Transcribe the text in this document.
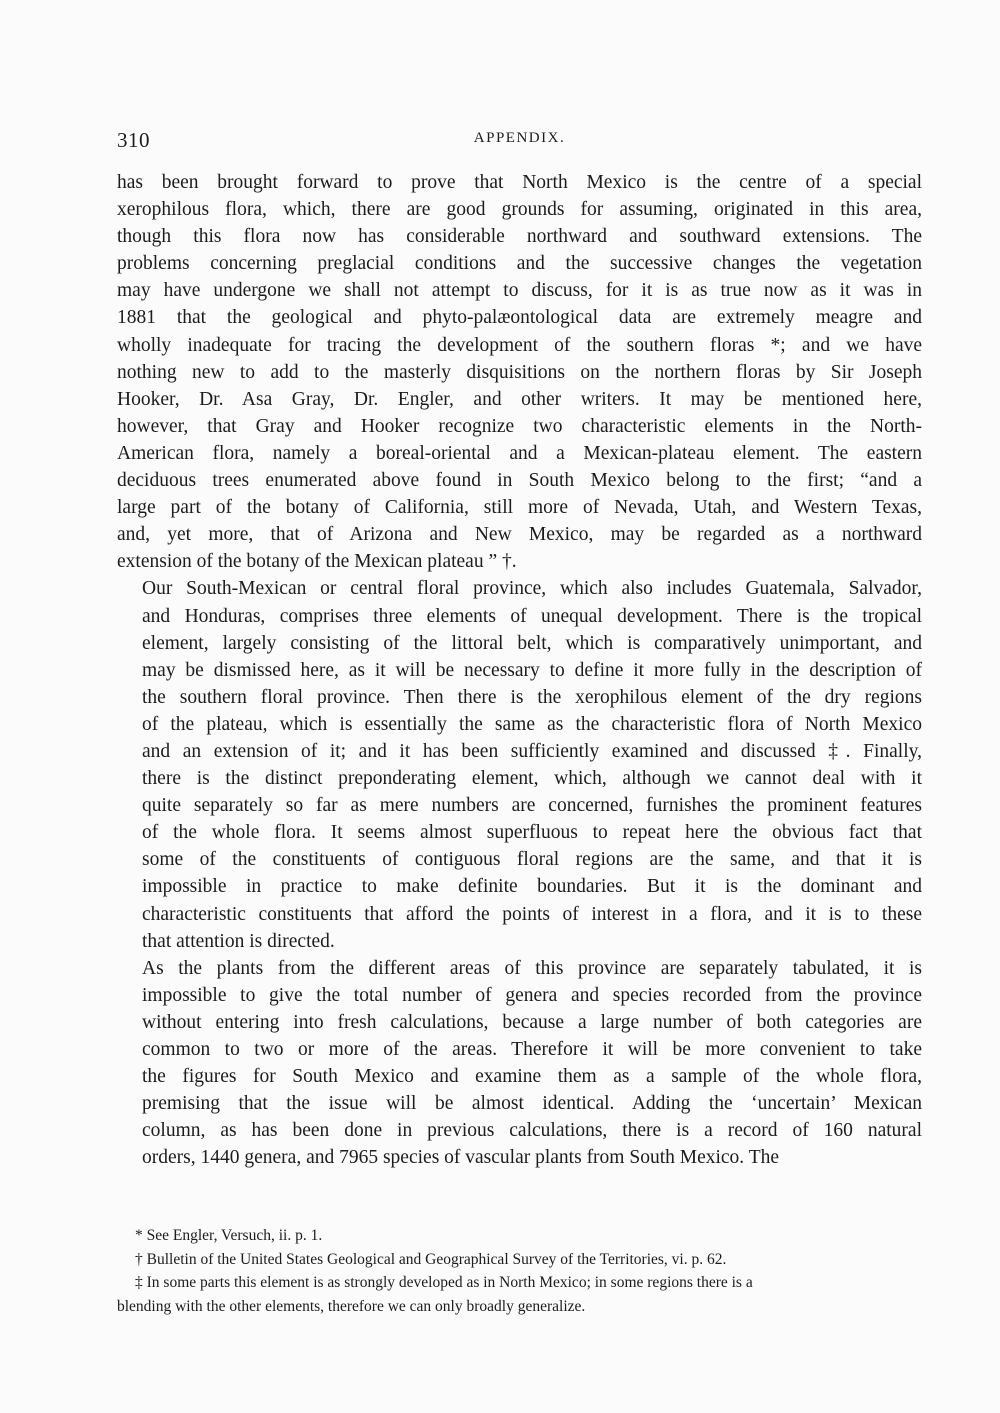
310	APPENDIX.

has been brought forward to prove that North Mexico is the centre of a special
xerophilous flora, which, there are good grounds for assuming, originated in this area,
though this flora now has considerable northward and southward extensions. The
problems concerning preglacial conditions and the successive changes the vegetation
may have undergone we shall not attempt to discuss, for it is as true now as it was in
1881 that the geological and phyto-palæontological data are extremely meagre and
wholly inadequate for tracing the development of the southern floras *; and we have
nothing new to add to the masterly disquisitions on the northern floras by Sir Joseph
Hooker, Dr. Asa Gray, Dr. Engler, and other writers. It may be mentioned here,
however, that Gray and Hooker recognize two characteristic elements in the North-
American flora, namely a boreal-oriental and a Mexican-plateau element. The eastern
deciduous trees enumerated above found in South Mexico belong to the first; “and a
large part of the botany of California, still more of Nevada, Utah, and Western Texas,
and, yet more, that of Arizona and New Mexico, may be regarded as a northward
extension of the botany of the Mexican plateau ” †.

Our South-Mexican or central floral province, which also includes Guatemala, Salvador,
and Honduras, comprises three elements of unequal development. There is the tropical
element, largely consisting of the littoral belt, which is comparatively unimportant, and
may be dismissed here, as it will be necessary to define it more fully in the description of
the southern floral province. Then there is the xerophilous element of the dry regions
of the plateau, which is essentially the same as the characteristic flora of North Mexico
and an extension of it; and it has been sufficiently examined and discussed ‡. Finally,
there is the distinct preponderating element, which, although we cannot deal with it
quite separately so far as mere numbers are concerned, furnishes the prominent features
of the whole flora. It seems almost superfluous to repeat here the obvious fact that
some of the constituents of contiguous floral regions are the same, and that it is
impossible in practice to make definite boundaries. But it is the dominant and
characteristic constituents that afford the points of interest in a flora, and it is to these
that attention is directed.

As the plants from the different areas of this province are separately tabulated, it is
impossible to give the total number of genera and species recorded from the province
without entering into fresh calculations, because a large number of both categories are
common to two or more of the areas. Therefore it will be more convenient to take
the figures for South Mexico and examine them as a sample of the whole flora,
premising that the issue will be almost identical. Adding the ‘uncertain’ Mexican
column, as has been done in previous calculations, there is a record of 160 natural
orders, 1440 genera, and 7965 species of vascular plants from South Mexico. The

* See Engler, Versuch, ii. p. 1.
† Bulletin of the United States Geological and Geographical Survey of the Territories, vi. p. 62.
‡ In some parts this element is as strongly developed as in North Mexico; in some regions there is a
blending with the other elements, therefore we can only broadly generalize.
